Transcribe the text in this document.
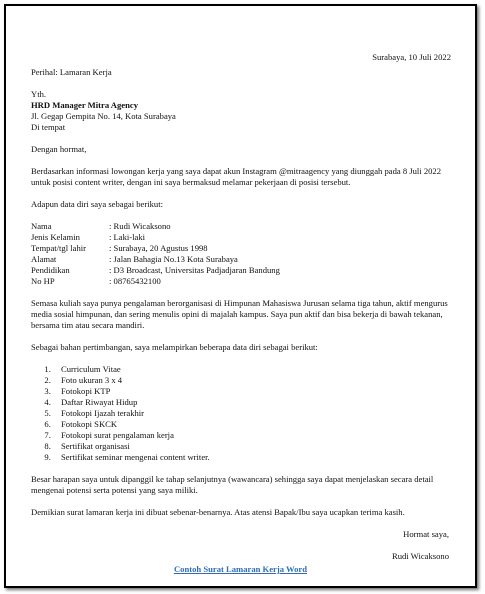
Surabaya, 10 Juli 2022
Perihal: Lamaran Kerja
Yth.
HRD Manager Mitra Agency
Jl. Gegap Gempita No. 14, Kota Surabaya
Di tempat
Dengan hormat,
Berdasarkan informasi lowongan kerja yang saya dapat akun Instagram @mitraagency yang diunggah pada 8 Juli 2022 untuk posisi content writer, dengan ini saya bermaksud melamar pekerjaan di posisi tersebut.
Adapun data diri saya sebagai berikut:
Nama	: Rudi Wicaksono
Jenis Kelamin	: Laki-laki
Tempat/tgl lahir	: Surabaya, 20 Agustus 1998
Alamat	: Jalan Bahagia No.13 Kota Surabaya
Pendidikan	: D3 Broadcast, Universitas Padjadjaran Bandung
No HP	: 08765432100
Semasa kuliah saya punya pengalaman berorganisasi di Himpunan Mahasiswa Jurusan selama tiga tahun, aktif mengurus media sosial himpunan, dan sering menulis opini di majalah kampus. Saya pun aktif dan bisa bekerja di bawah tekanan, bersama tim atau secara mandiri.
Sebagai bahan pertimbangan, saya melampirkan beberapa data diri sebagai berikut:
1. Curriculum Vitae
2. Foto ukuran 3 x 4
3. Fotokopi KTP
4. Daftar Riwayat Hidup
5. Fotokopi Ijazah terakhir
6. Fotokopi SKCK
7. Fotokopi surat pengalaman kerja
8. Sertifikat organisasi
9. Sertifikat seminar mengenai content writer.
Besar harapan saya untuk dipanggil ke tahap selanjutnya (wawancara) sehingga saya dapat menjelaskan secara detail mengenai potensi serta potensi yang saya miliki.
Demikian surat lamaran kerja ini dibuat sebenar-benarnya. Atas atensi Bapak/Ibu saya ucapkan terima kasih.
Hormat saya,
Rudi Wicaksono
Contoh Surat Lamaran Kerja Word
